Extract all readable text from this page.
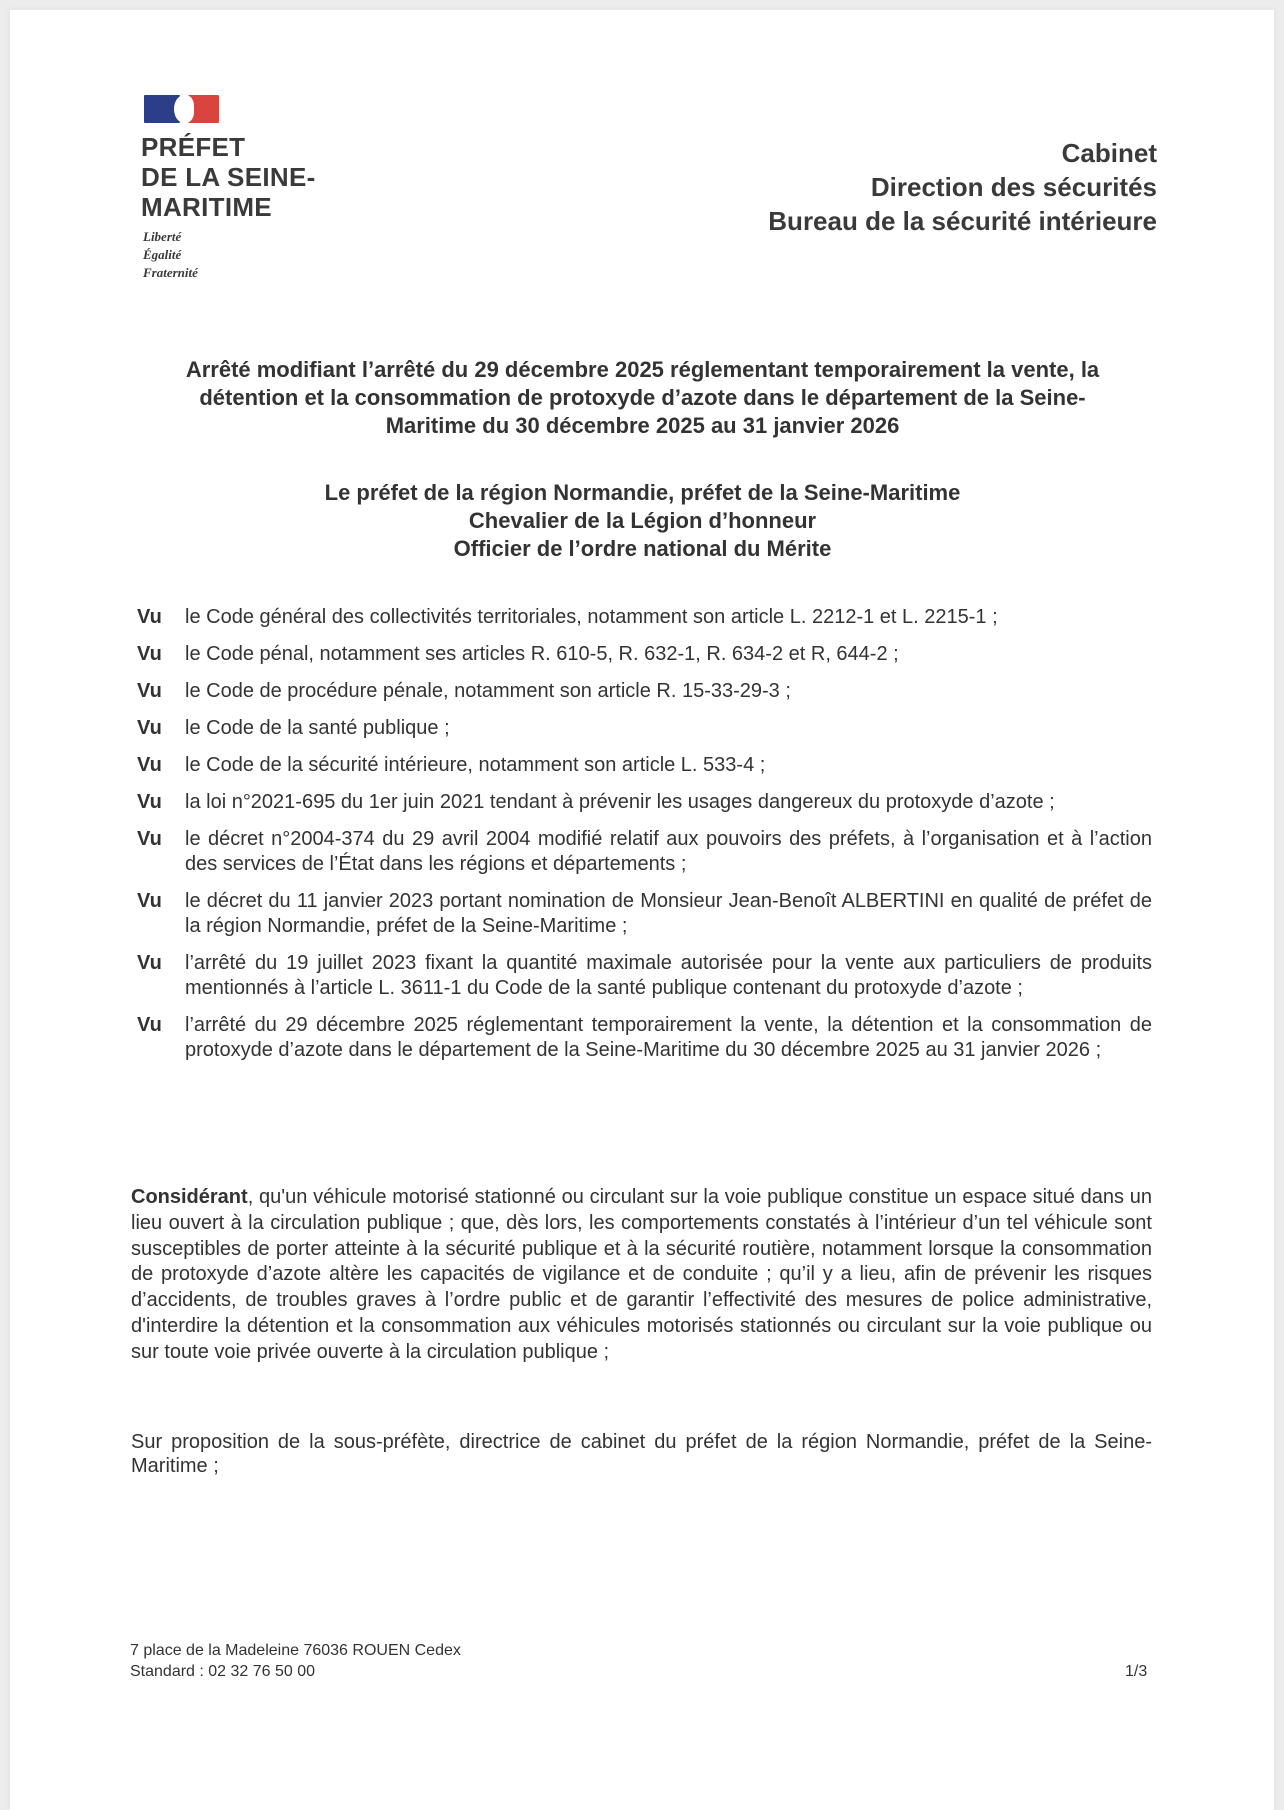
PRÉFET
DE LA SEINE-
MARITIME
Liberté
Égalité
Fraternité
Cabinet
Direction des sécurités
Bureau de la sécurité intérieure
Arrêté modifiant l’arrêté du 29 décembre 2025 réglementant temporairement la vente, la
détention et la consommation de protoxyde d’azote dans le département de la Seine-
Maritime du 30 décembre 2025 au 31 janvier 2026
Le préfet de la région Normandie, préfet de la Seine-Maritime
Chevalier de la Légion d’honneur
Officier de l’ordre national du Mérite
Vu	le Code général des collectivités territoriales, notamment son article L. 2212-1 et L. 2215-1 ;
Vu	le Code pénal, notamment ses articles R. 610-5, R. 632-1, R. 634-2 et R, 644-2 ;
Vu	le Code de procédure pénale, notamment son article R. 15-33-29-3 ;
Vu	le Code de la santé publique ;
Vu	le Code de la sécurité intérieure, notamment son article L. 533-4 ;
Vu	la loi n°2021-695 du 1er juin 2021 tendant à prévenir les usages dangereux du protoxyde d’azote ;
Vu	le décret n°2004-374 du 29 avril 2004 modifié relatif aux pouvoirs des préfets, à l’organisation et à l’action des services de l’État dans les régions et départements ;
Vu	le décret du 11 janvier 2023 portant nomination de Monsieur Jean-Benoît ALBERTINI en qualité de préfet de la région Normandie, préfet de la Seine-Maritime ;
Vu	l’arrêté du 19 juillet 2023 fixant la quantité maximale autorisée pour la vente aux particuliers de produits mentionnés à l’article L. 3611-1 du Code de la santé publique contenant du protoxyde d’azote ;
Vu	l’arrêté du 29 décembre 2025 réglementant temporairement la vente, la détention et la consommation de protoxyde d’azote dans le département de la Seine-Maritime du 30 décembre 2025 au 31 janvier 2026 ;
Considérant, qu'un véhicule motorisé stationné ou circulant sur la voie publique constitue un espace situé dans un lieu ouvert à la circulation publique ; que, dès lors, les comportements constatés à l’intérieur d’un tel véhicule sont susceptibles de porter atteinte à la sécurité publique et à la sécurité routière, notamment lorsque la consommation de protoxyde d’azote altère les capacités de vigilance et de conduite ; qu’il y a lieu, afin de prévenir les risques d’accidents, de troubles graves à l’ordre public et de garantir l’effectivité des mesures de police administrative, d'interdire la détention et la consommation aux véhicules motorisés stationnés ou circulant sur la voie publique ou sur toute voie privée ouverte à la circulation publique ;
Sur proposition de la sous-préfète, directrice de cabinet du préfet de la région Normandie, préfet de la Seine-Maritime ;
7 place de la Madeleine 76036 ROUEN Cedex
Standard : 02 32 76 50 00	1/3
